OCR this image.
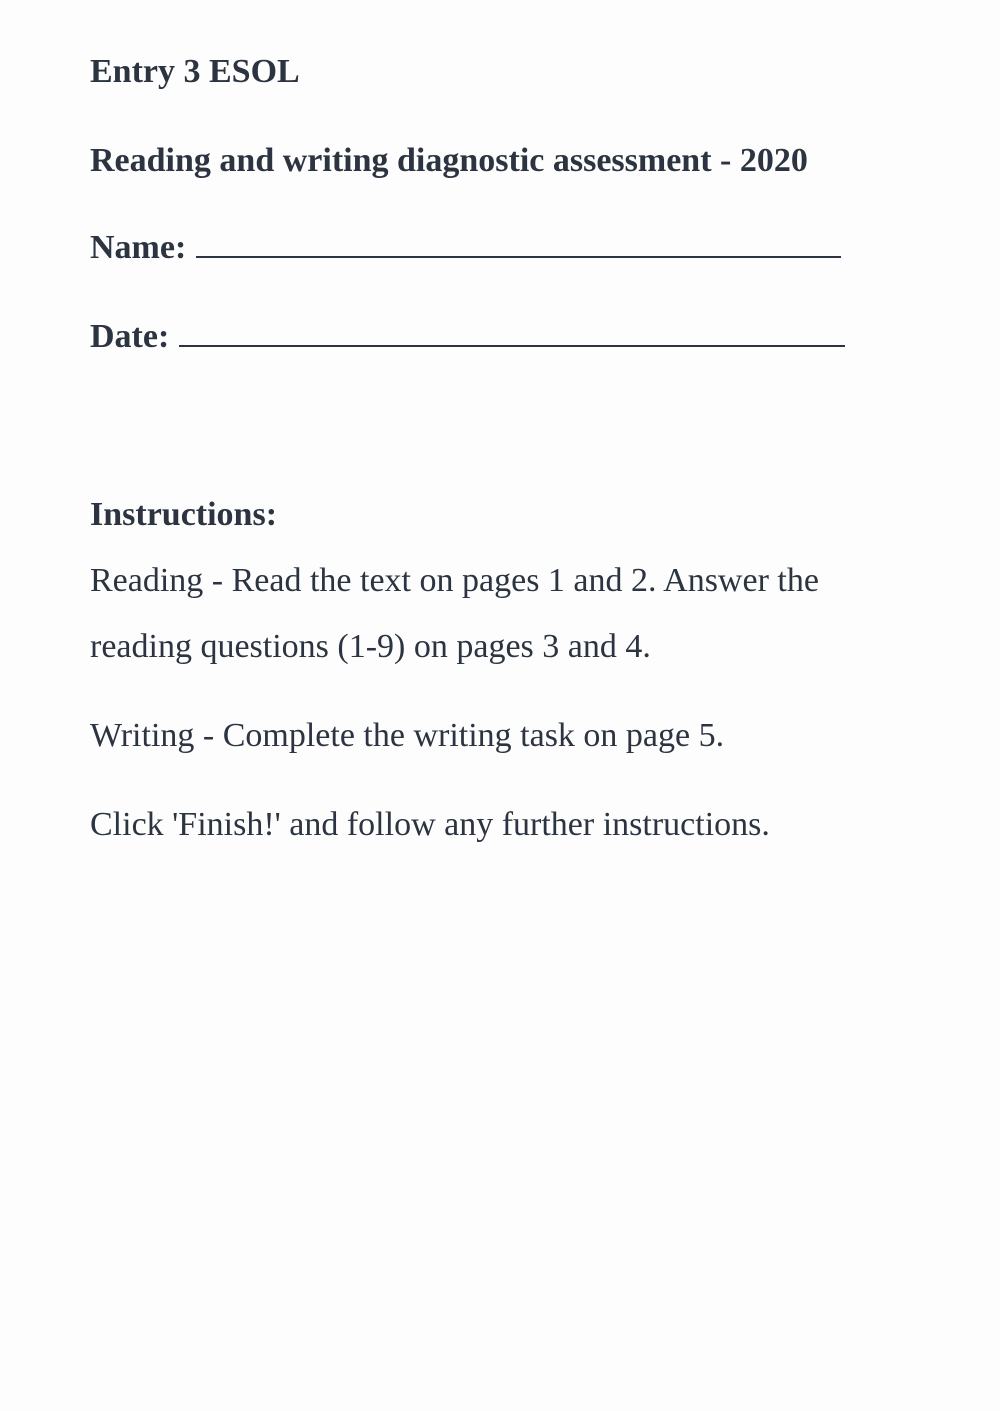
Entry 3 ESOL
Reading and writing diagnostic assessment - 2020
Name:
Date:
Instructions:

Reading - Read the text on pages 1 and 2. Answer the

reading questions (1-9) on pages 3 and 4.

Writing - Complete the writing task on page 5.

Click 'Finish!' and follow any further instructions.
